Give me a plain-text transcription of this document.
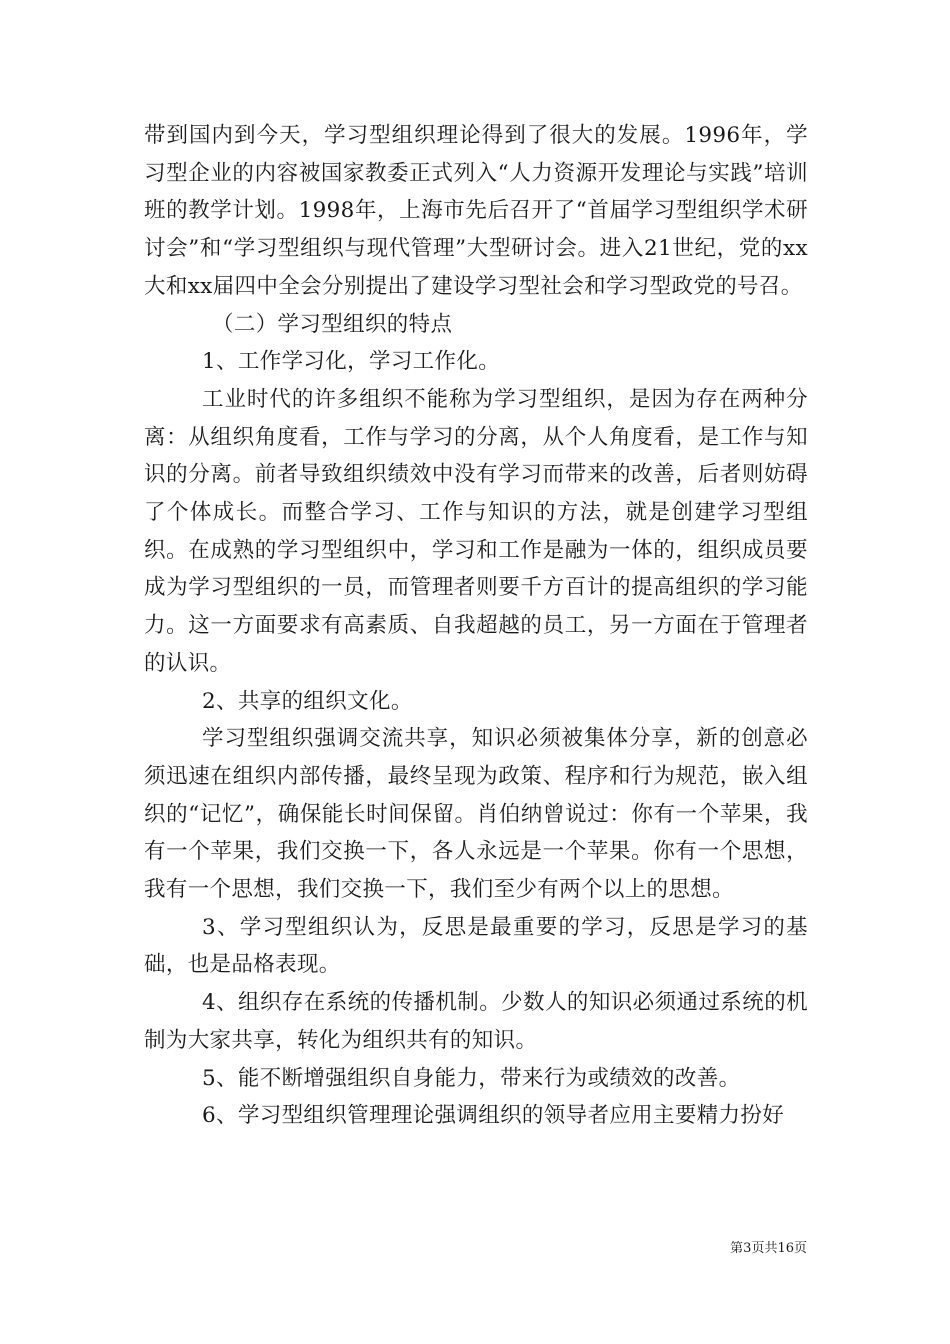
带到国内到今天，学习型组织理论得到了很大的发展。1996年，学习型企业的内容被国家教委正式列入“人力资源开发理论与实践”培训班的教学计划。1998年，上海市先后召开了“首届学习型组织学术研讨会”和“学习型组织与现代管理”大型研讨会。进入21世纪，党的xx大和xx届四中全会分别提出了建设学习型社会和学习型政党的号召。

（二）学习型组织的特点

1、工作学习化，学习工作化。

工业时代的许多组织不能称为学习型组织，是因为存在两种分离：从组织角度看，工作与学习的分离，从个人角度看，是工作与知识的分离。前者导致组织绩效中没有学习而带来的改善，后者则妨碍了个体成长。而整合学习、工作与知识的方法，就是创建学习型组织。在成熟的学习型组织中，学习和工作是融为一体的，组织成员要成为学习型组织的一员，而管理者则要千方百计的提高组织的学习能力。这一方面要求有高素质、自我超越的员工，另一方面在于管理者的认识。

2、共享的组织文化。

学习型组织强调交流共享，知识必须被集体分享，新的创意必须迅速在组织内部传播，最终呈现为政策、程序和行为规范，嵌入组织的“记忆”，确保能长时间保留。肖伯纳曾说过：你有一个苹果，我有一个苹果，我们交换一下，各人永远是一个苹果。你有一个思想，我有一个思想，我们交换一下，我们至少有两个以上的思想。

3、学习型组织认为，反思是最重要的学习，反思是学习的基础，也是品格表现。

4、组织存在系统的传播机制。少数人的知识必须通过系统的机制为大家共享，转化为组织共有的知识。

5、能不断增强组织自身能力，带来行为或绩效的改善。

6、学习型组织管理理论强调组织的领导者应用主要精力扮好

第3页共16页
